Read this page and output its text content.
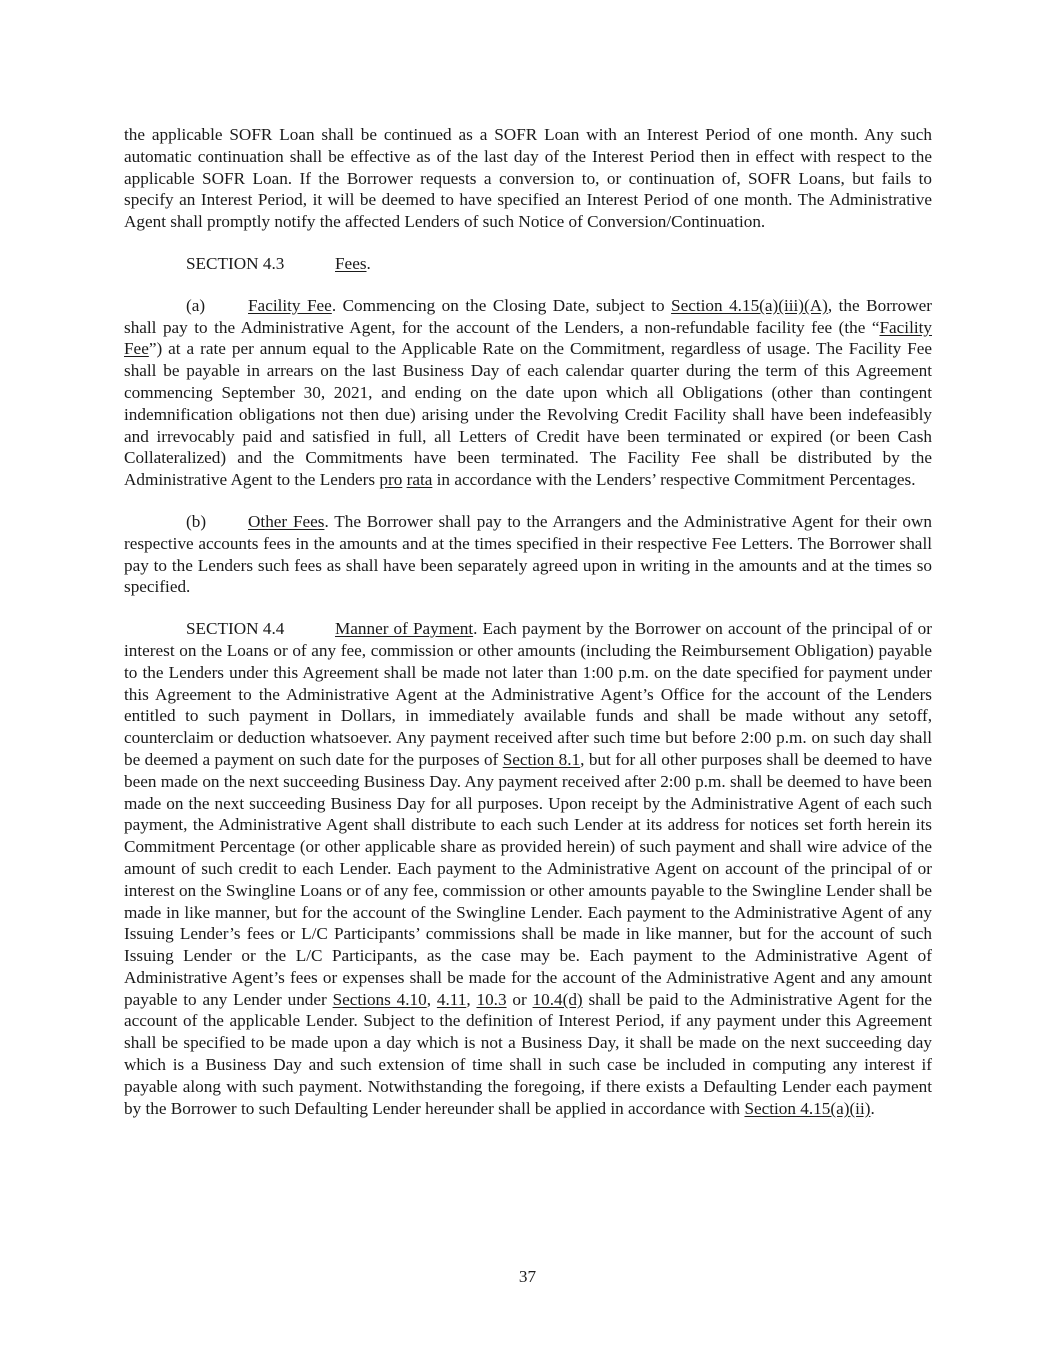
the applicable SOFR Loan shall be continued as a SOFR Loan with an Interest Period of one month. Any such automatic continuation shall be effective as of the last day of the Interest Period then in effect with respect to the applicable SOFR Loan. If the Borrower requests a conversion to, or continuation of, SOFR Loans, but fails to specify an Interest Period, it will be deemed to have specified an Interest Period of one month. The Administrative Agent shall promptly notify the affected Lenders of such Notice of Conversion/Continuation.

SECTION 4.3	Fees.

(a) Facility Fee. Commencing on the Closing Date, subject to Section 4.15(a)(iii)(A), the Borrower shall pay to the Administrative Agent, for the account of the Lenders, a non-refundable facility fee (the “Facility Fee”) at a rate per annum equal to the Applicable Rate on the Commitment, regardless of usage. The Facility Fee shall be payable in arrears on the last Business Day of each calendar quarter during the term of this Agreement commencing September 30, 2021, and ending on the date upon which all Obligations (other than contingent indemnification obligations not then due) arising under the Revolving Credit Facility shall have been indefeasibly and irrevocably paid and satisfied in full, all Letters of Credit have been terminated or expired (or been Cash Collateralized) and the Commitments have been terminated. The Facility Fee shall be distributed by the Administrative Agent to the Lenders pro rata in accordance with the Lenders’ respective Commitment Percentages.

(b) Other Fees. The Borrower shall pay to the Arrangers and the Administrative Agent for their own respective accounts fees in the amounts and at the times specified in their respective Fee Letters. The Borrower shall pay to the Lenders such fees as shall have been separately agreed upon in writing in the amounts and at the times so specified.

SECTION 4.4	Manner of Payment. Each payment by the Borrower on account of the principal of or interest on the Loans or of any fee, commission or other amounts (including the Reimbursement Obligation) payable to the Lenders under this Agreement shall be made not later than 1:00 p.m. on the date specified for payment under this Agreement to the Administrative Agent at the Administrative Agent’s Office for the account of the Lenders entitled to such payment in Dollars, in immediately available funds and shall be made without any setoff, counterclaim or deduction whatsoever. Any payment received after such time but before 2:00 p.m. on such day shall be deemed a payment on such date for the purposes of Section 8.1, but for all other purposes shall be deemed to have been made on the next succeeding Business Day. Any payment received after 2:00 p.m. shall be deemed to have been made on the next succeeding Business Day for all purposes. Upon receipt by the Administrative Agent of each such payment, the Administrative Agent shall distribute to each such Lender at its address for notices set forth herein its Commitment Percentage (or other applicable share as provided herein) of such payment and shall wire advice of the amount of such credit to each Lender. Each payment to the Administrative Agent on account of the principal of or interest on the Swingline Loans or of any fee, commission or other amounts payable to the Swingline Lender shall be made in like manner, but for the account of the Swingline Lender. Each payment to the Administrative Agent of any Issuing Lender’s fees or L/C Participants’ commissions shall be made in like manner, but for the account of such Issuing Lender or the L/C Participants, as the case may be. Each payment to the Administrative Agent of Administrative Agent’s fees or expenses shall be made for the account of the Administrative Agent and any amount payable to any Lender under Sections 4.10, 4.11, 10.3 or 10.4(d) shall be paid to the Administrative Agent for the account of the applicable Lender. Subject to the definition of Interest Period, if any payment under this Agreement shall be specified to be made upon a day which is not a Business Day, it shall be made on the next succeeding day which is a Business Day and such extension of time shall in such case be included in computing any interest if payable along with such payment. Notwithstanding the foregoing, if there exists a Defaulting Lender each payment by the Borrower to such Defaulting Lender hereunder shall be applied in accordance with Section 4.15(a)(ii).

37
